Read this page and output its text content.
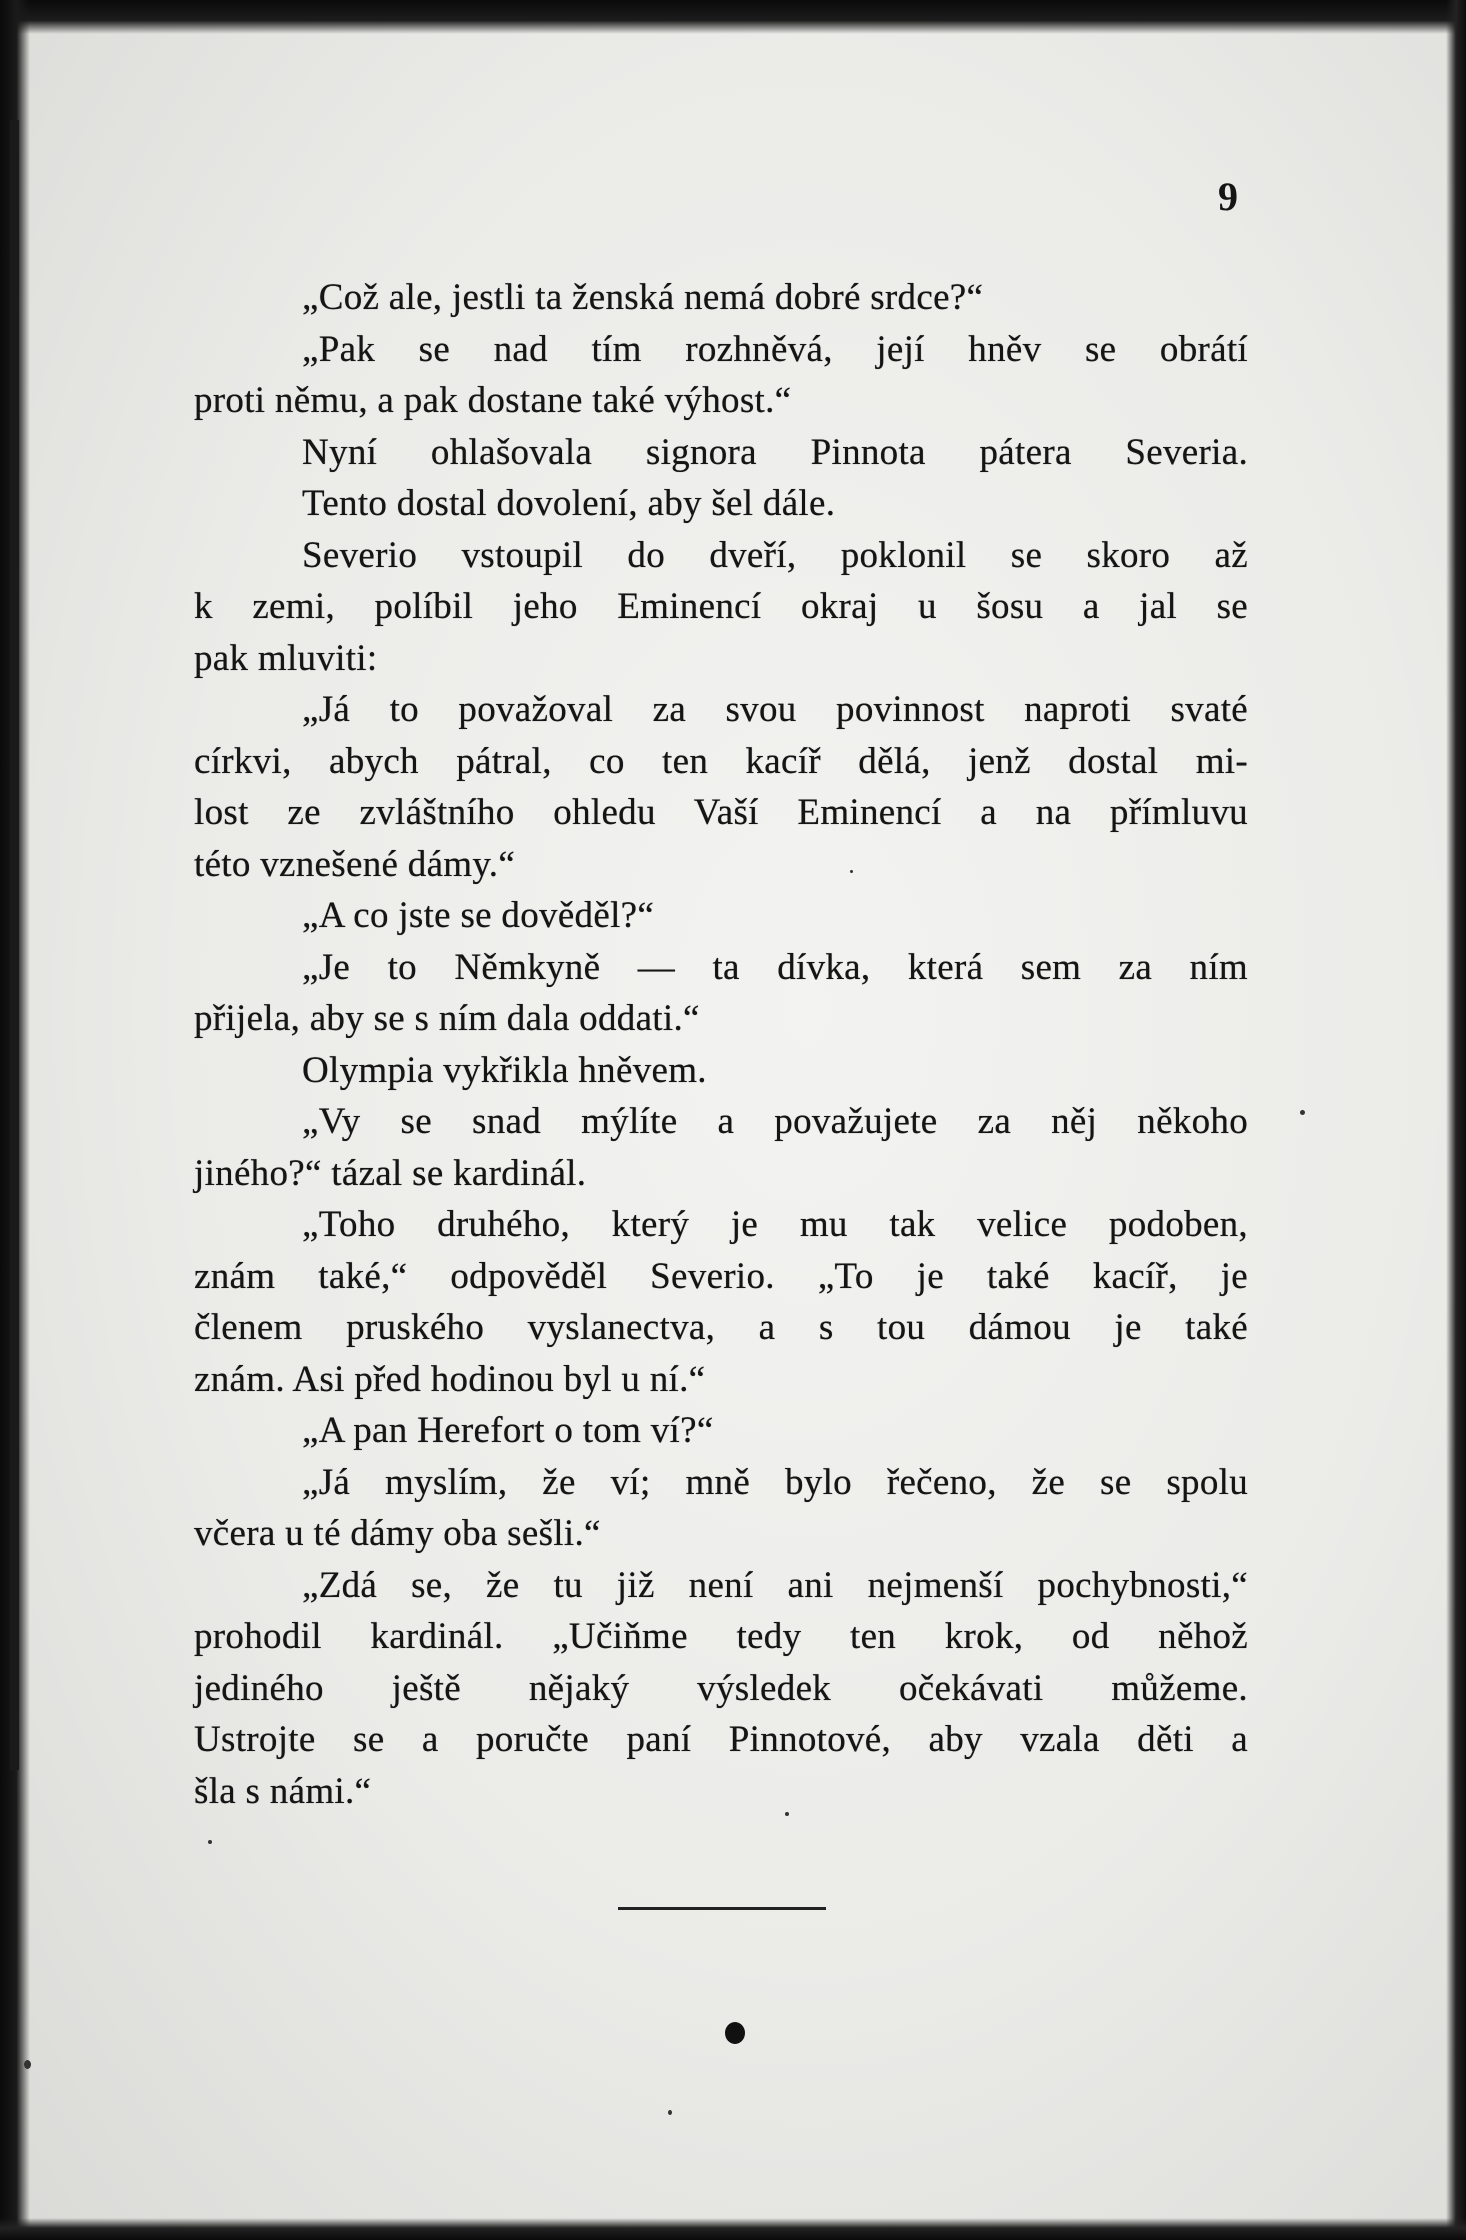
9
„Což ale, jestli ta ženská nemá dobré srdce?“
„Pak se nad tím rozhněvá, její hněv se obrátí
proti němu, a pak dostane také výhost.“
Nyní ohlašovala signora Pinnota pátera Severia.
Tento dostal dovolení, aby šel dále.
Severio vstoupil do dveří, poklonil se skoro až
k zemi, políbil jeho Eminencí okraj u šosu a jal se
pak mluviti:
„Já to považoval za svou povinnost naproti svaté
církvi, abych pátral, co ten kacíř dělá, jenž dostal mi-
lost ze zvláštního ohledu Vaší Eminencí a na přímluvu
této vznešené dámy.“
„A co jste se dověděl?“
„Je to Němkyně — ta dívka, která sem za ním
přijela, aby se s ním dala oddati.“
Olympia vykřikla hněvem.
„Vy se snad mýlíte a považujete za něj někoho
jiného?“ tázal se kardinál.
„Toho druhého, který je mu tak velice podoben,
znám také,“ odpověděl Severio. „To je také kacíř, je
členem pruského vyslanectva, a s tou dámou je také
znám. Asi před hodinou byl u ní.“
„A pan Herefort o tom ví?“
„Já myslím, že ví; mně bylo řečeno, že se spolu
včera u té dámy oba sešli.“
„Zdá se, že tu již není ani nejmenší pochybnosti,“
prohodil kardinál. „Učiňme tedy ten krok, od něhož
jediného ještě nějaký výsledek očekávati můžeme.
Ustrojte se a poručte paní Pinnotové, aby vzala děti a
šla s námi.“
